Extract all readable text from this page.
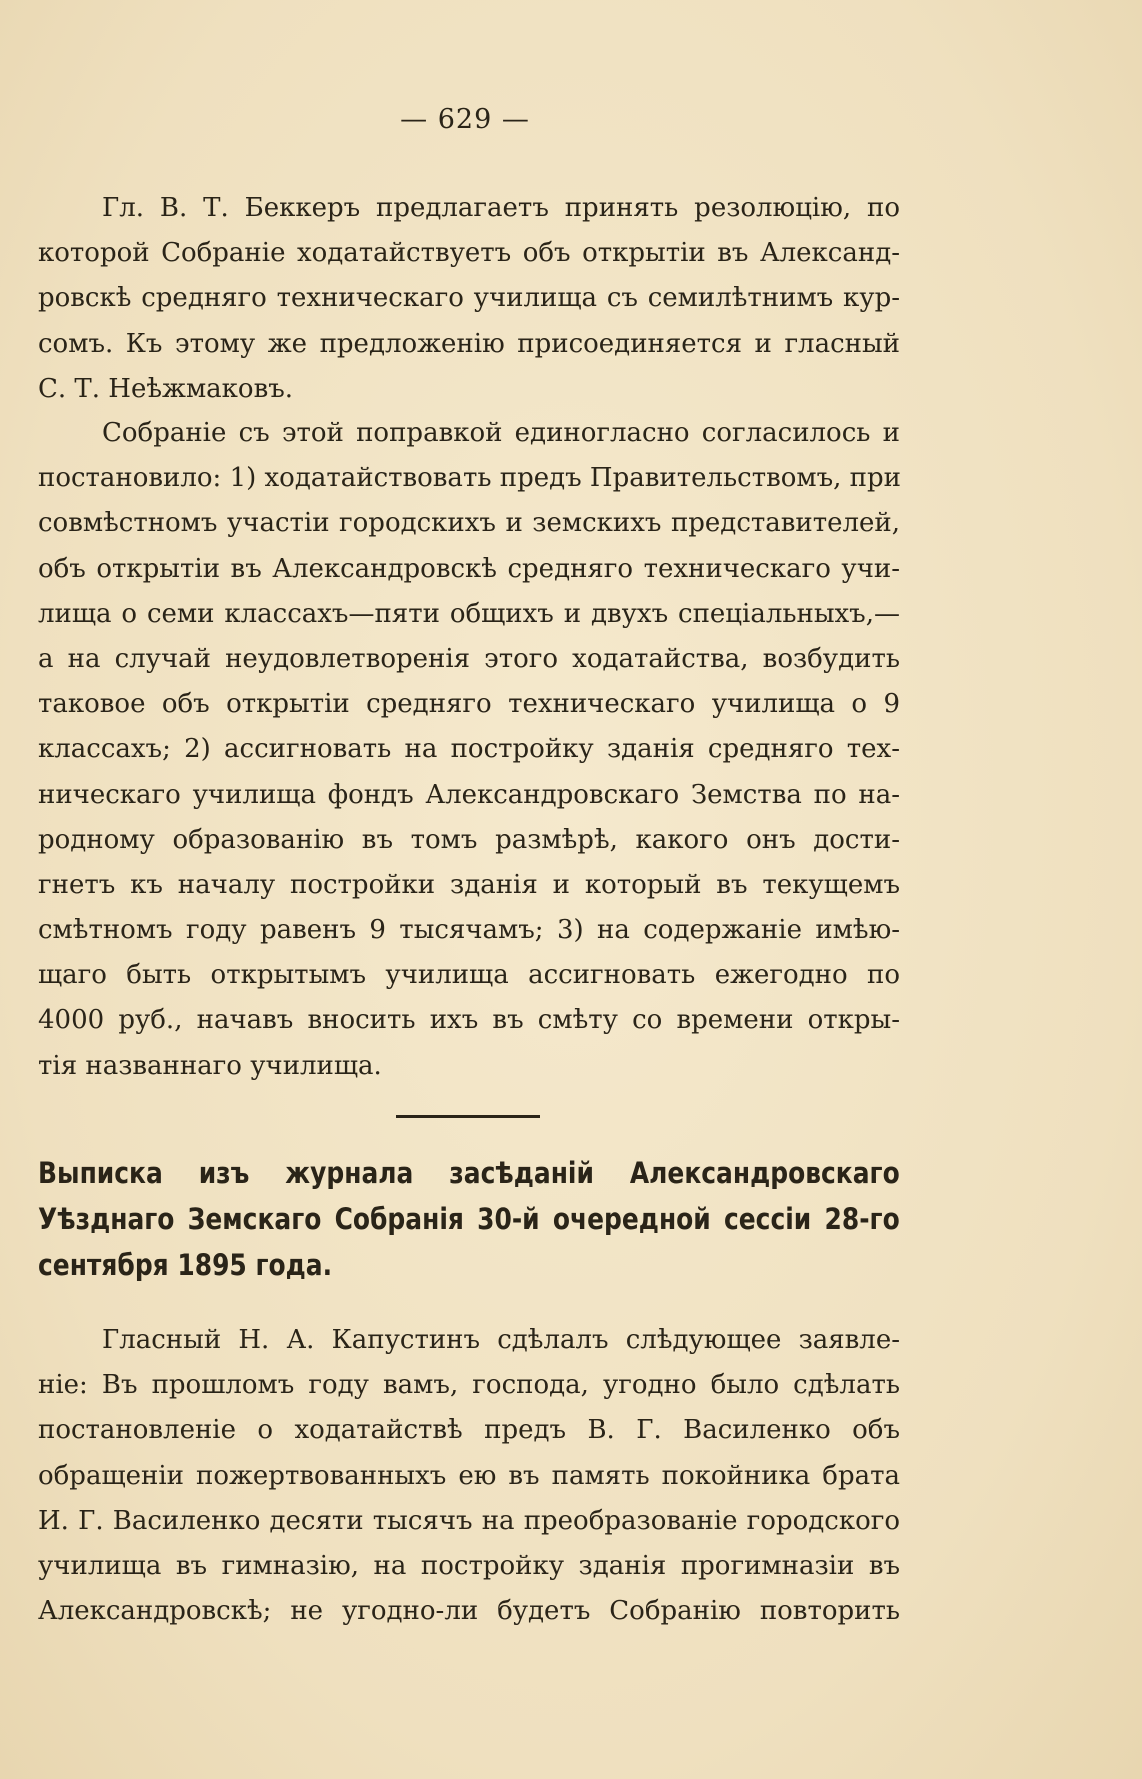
— 629 —
Гл. В. Т. Беккеръ предлагаетъ принять резолюцію, по
которой Собраніе ходатайствуетъ объ открытіи въ Александ-
ровскѣ средняго техническаго училища съ семилѣтнимъ кур-
сомъ. Къ этому же предложенію присоединяется и гласный
С. Т. Неѣжмаковъ.
Собраніе съ этой поправкой единогласно согласилось и
постановило: 1) ходатайствовать предъ Правительствомъ, при
совмѣстномъ участіи городскихъ и земскихъ представителей,
объ открытіи въ Александровскѣ средняго техническаго учи-
лища о семи классахъ—пяти общихъ и двухъ спеціальныхъ,—
а на случай неудовлетворенія этого ходатайства, возбудить
таковое объ открытіи средняго техническаго училища о 9
классахъ; 2) ассигновать на постройку зданія средняго тех-
ническаго училища фондъ Александровскаго Земства по на-
родному образованію въ томъ размѣрѣ, какого онъ дости-
гнетъ къ началу постройки зданія и который въ текущемъ
смѣтномъ году равенъ 9 тысячамъ; 3) на содержаніе имѣю-
щаго быть открытымъ училища ассигновать ежегодно по
4000 руб., начавъ вносить ихъ въ смѣту со времени откры-
тія названнаго училища.
Выписка изъ журнала засѣданій Александровскаго
Уѣзднаго Земскаго Собранія 30-й очередной сессіи 28-го
сентября 1895 года.
Гласный Н. А. Капустинъ сдѣлалъ слѣдующее заявле-
ніе: Въ прошломъ году вамъ, господа, угодно было сдѣлать
постановленіе о ходатайствѣ предъ В. Г. Василенко объ
обращеніи пожертвованныхъ ею въ память покойника брата
И. Г. Василенко десяти тысячъ на преобразованіе городского
училища въ гимназію, на постройку зданія прогимназіи въ
Александровскѣ; не угодно-ли будетъ Собранію повторить
